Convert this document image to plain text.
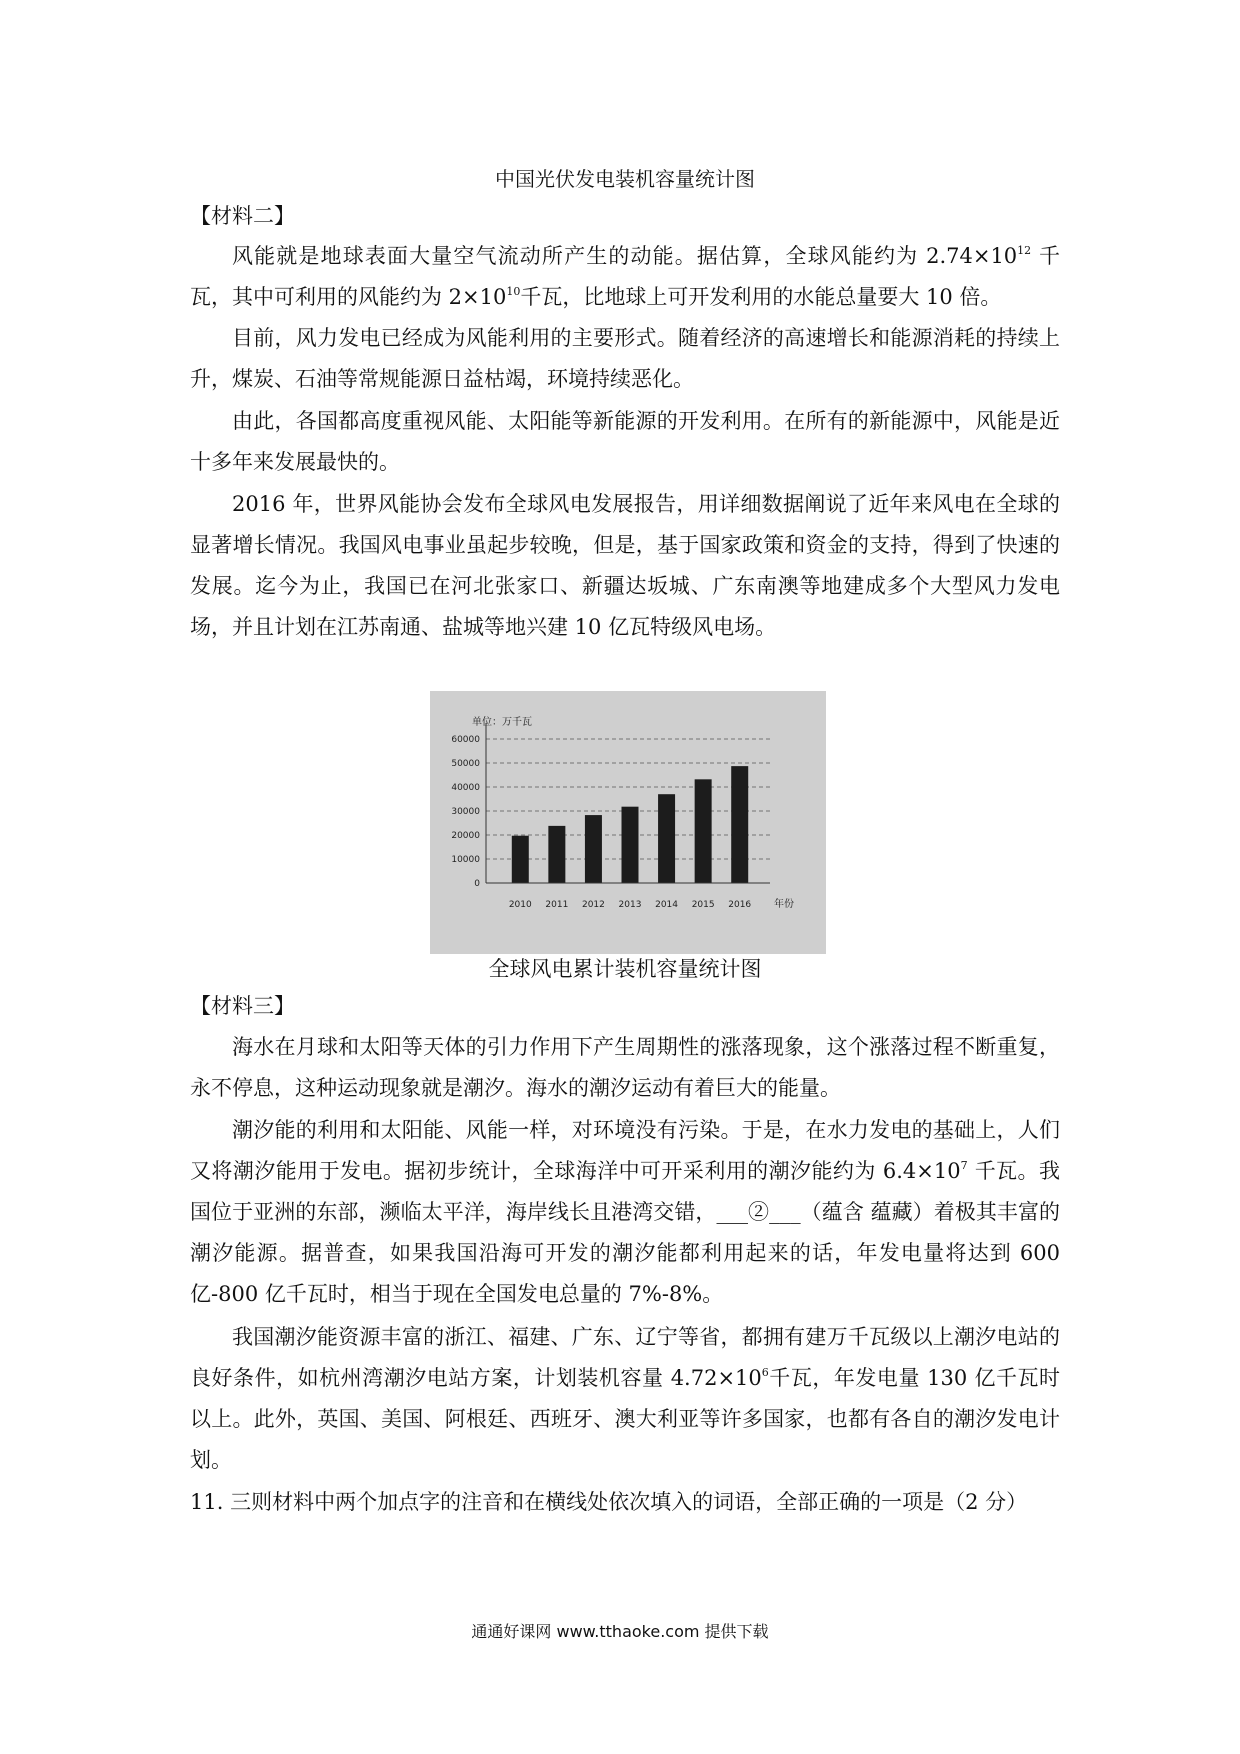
中国光伏发电装机容量统计图
【材料二】

风能就是地球表面大量空气流动所产生的动能。据估算，全球风能约为 $2.74\times 10^{12}$ 千瓦，其中可利用的风能约为 $2\times 10^{10}$千瓦，比地球上可开发利用的水能总量要大 10 倍。

目前，风力发电已经成为风能利用的主要形式。随着经济的高速增长和能源消耗的持续上升，煤炭、石油等常规能源日益枯竭，环境持续恶化。

由此，各国都高度重视风能、太阳能等新能源的开发利用。在所有的新能源中，风能是近十多年来发展最快的。

2016 年，世界风能协会发布全球风电发展报告，用详细数据阐说了近年来风电在全球的显著增长情况。我国风电事业虽起步较晚，但是，基于国家政策和资金的支持，得到了快速的发展。迄今为止，我国已在河北张家口、新疆达坂城、广东南澳等地建成多个大型风力发电场，并且计划在江苏南通、盐城等地兴建 10 亿瓦特级风电场。

单位：万千瓦
60000
50000
40000
30000
20000
10000
0
2010 2011 2012 2013 2014 2015 2016 年份
全球风电累计装机容量统计图
【材料三】

海水在月球和太阳等天体的引力作用下产生周期性的涨落现象，这个涨落过程不断重复，永不停息，这种运动现象就是潮汐。海水的潮汐运动有着巨大的能量。

潮汐能的利用和太阳能、风能一样，对环境没有污染。于是，在水力发电的基础上，人们又将潮汐能用于发电。据初步统计，全球海洋中可开采利用的潮汐能约为 $6.4\times 10^7$ 千瓦。我国位于亚洲的东部，濒临太平洋，海岸线长且港湾交错，___②___（蕴含 蕴藏）着极其丰富的潮汐能源。据普查，如果我国沿海可开发的潮汐能都利用起来的话，年发电量将达到 600 亿-800 亿千瓦时，相当于现在全国发电总量的 7%-8%。

我国潮汐能资源丰富的浙江、福建、广东、辽宁等省，都拥有建万千瓦级以上潮汐电站的良好条件，如杭州湾潮汐电站方案，计划装机容量 $4.72\times 10^6$千瓦，年发电量 130 亿千瓦时以上。此外，英国、美国、阿根廷、西班牙、澳大利亚等许多国家，也都有各自的潮汐发电计划。

11. 三则材料中两个加点字的注音和在横线处依次填入的词语，全部正确的一项是（2 分）

通通好课网 www.tthaoke.com 提供下载
